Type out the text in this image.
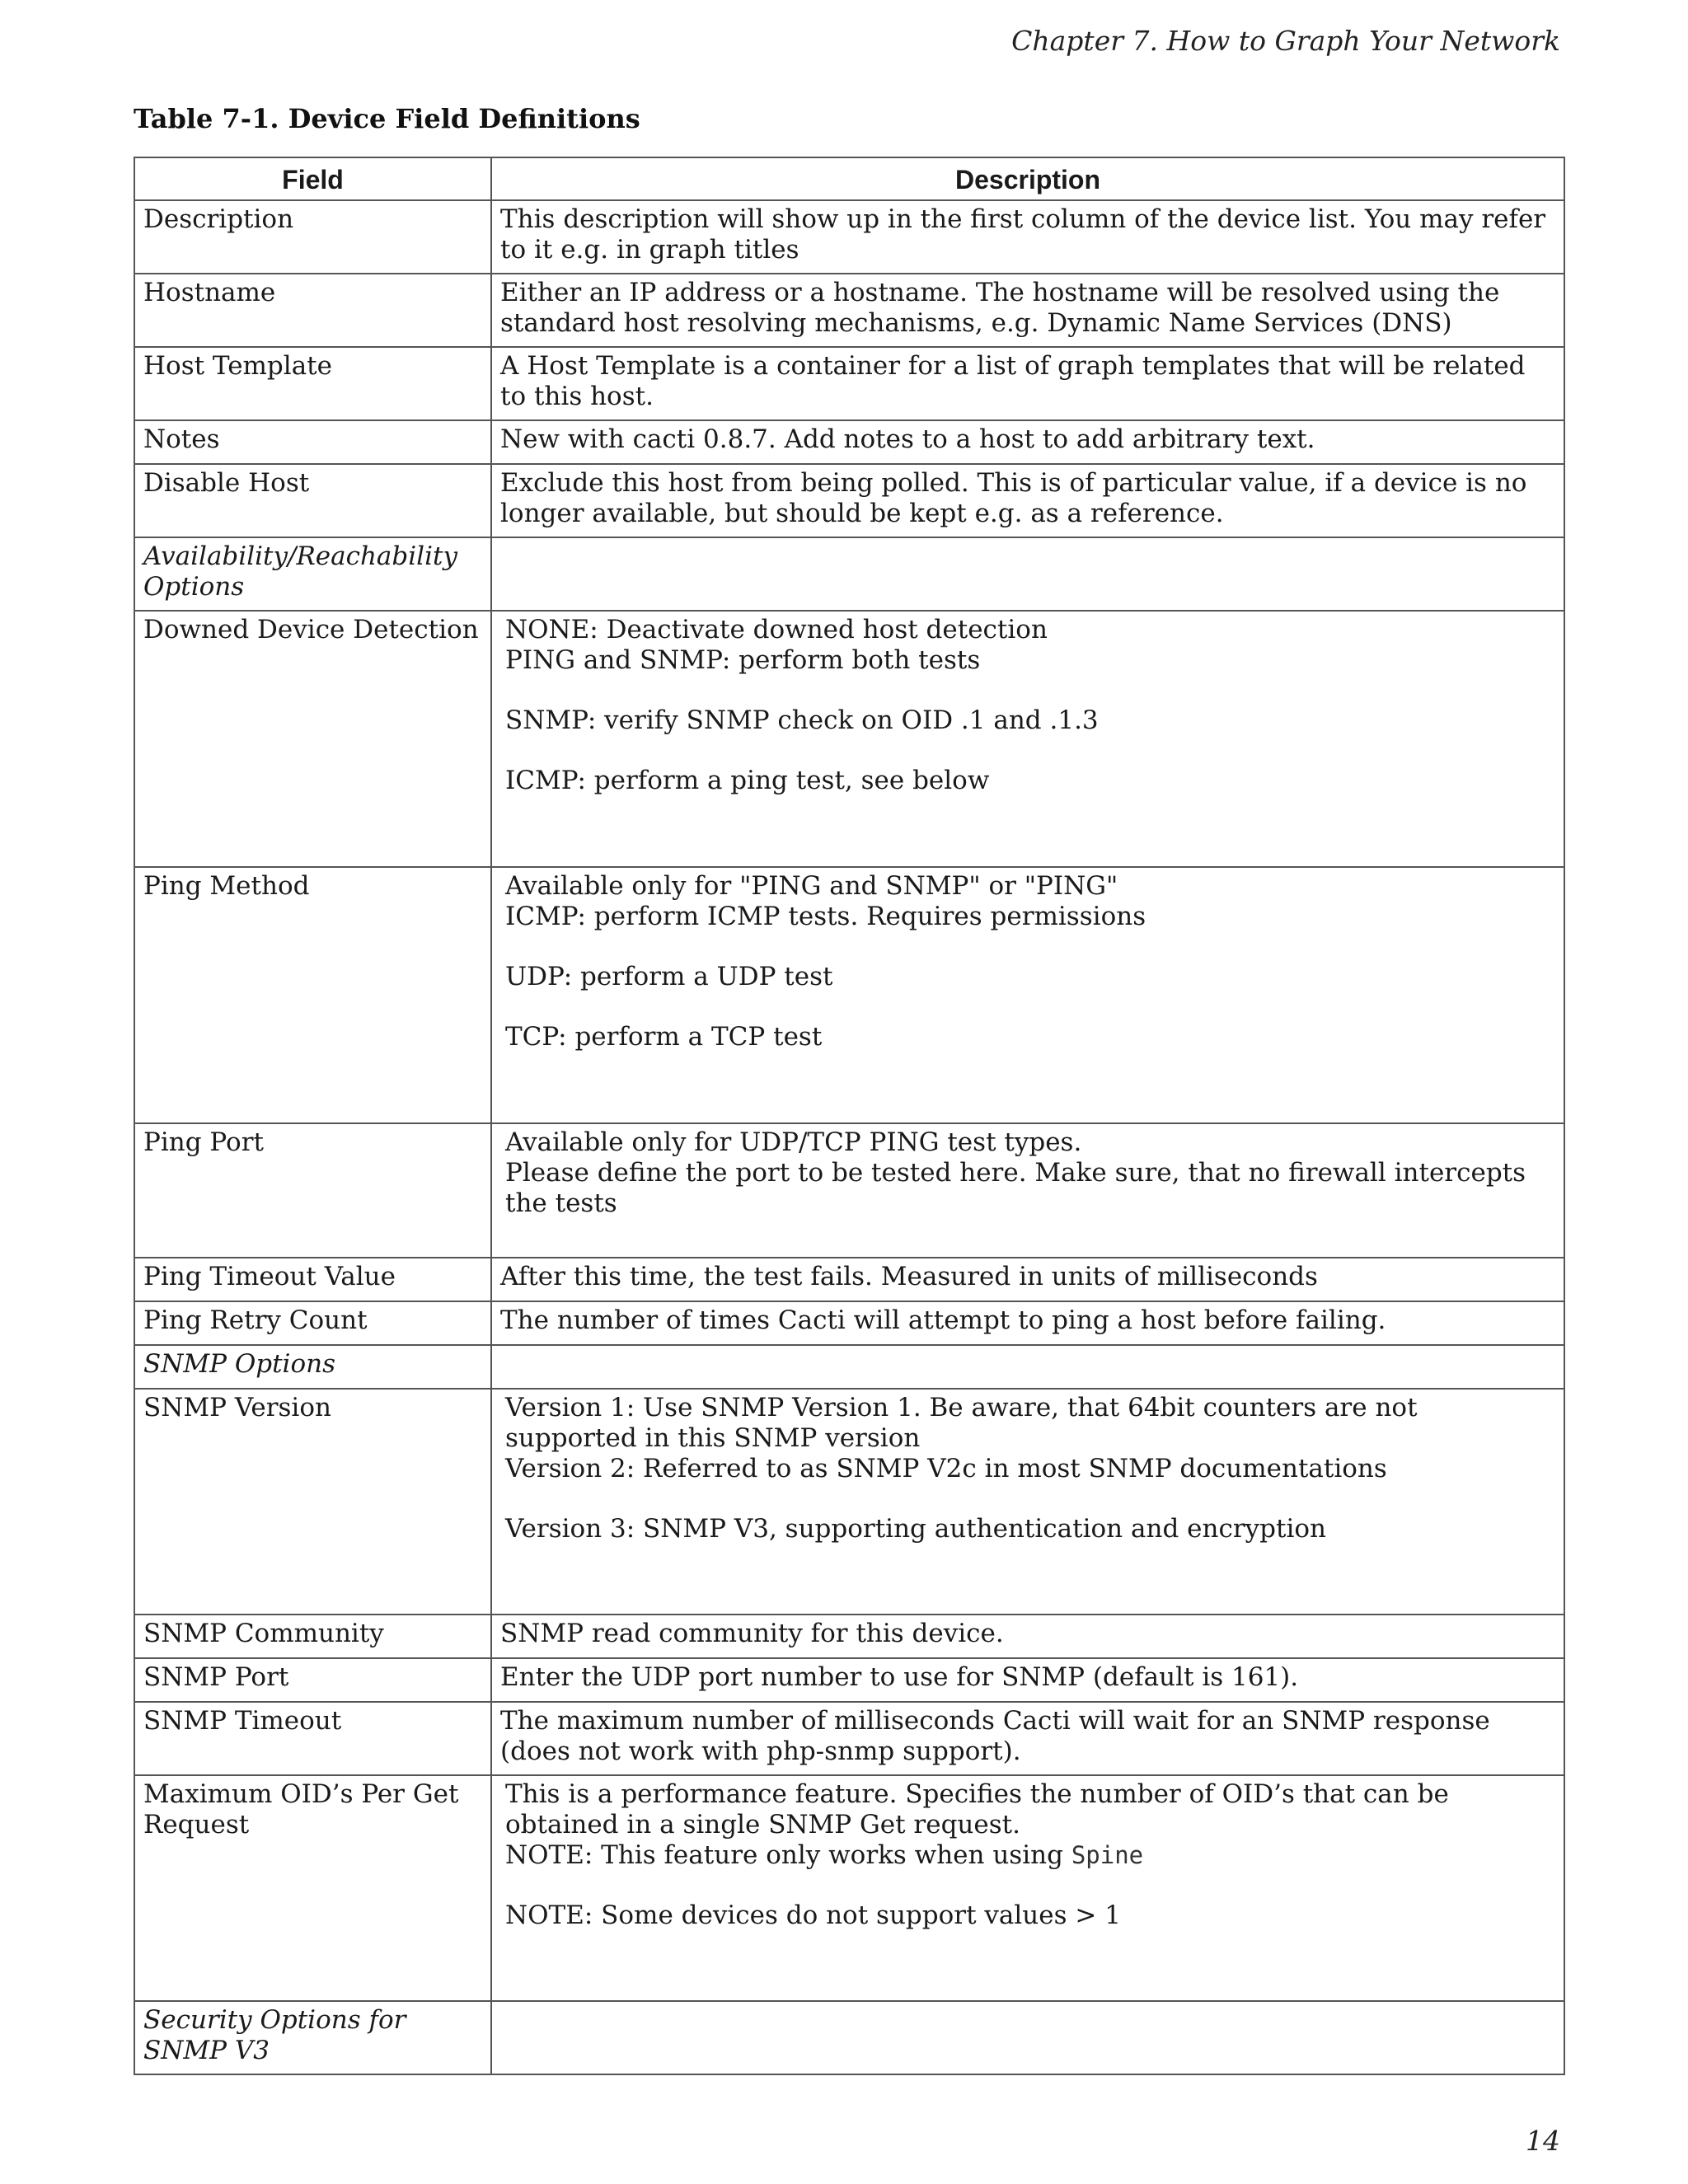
Chapter 7. How to Graph Your Network
Table 7-1. Device Field Definitions
Field	Description
Description	This description will show up in the first column of the device list. You may refer to it e.g. in graph titles
Hostname	Either an IP address or a hostname. The hostname will be resolved using the standard host resolving mechanisms, e.g. Dynamic Name Services (DNS)
Host Template	A Host Template is a container for a list of graph templates that will be related to this host.
Notes	New with cacti 0.8.7. Add notes to a host to add arbitrary text.
Disable Host	Exclude this host from being polled. This is of particular value, if a device is no longer available, but should be kept e.g. as a reference.
Availability/Reachability Options	
Downed Device Detection	NONE: Deactivate downed host detection
PING and SNMP: perform both tests
SNMP: verify SNMP check on OID .1 and .1.3
ICMP: perform a ping test, see below

Ping Method	Available only for "PING and SNMP" or "PING"
ICMP: perform ICMP tests. Requires permissions
UDP: perform a UDP test
TCP: perform a TCP test

Ping Port	Available only for UDP/TCP PING test types.
Please define the port to be tested here. Make sure, that no firewall intercepts the tests

Ping Timeout Value	After this time, the test fails. Measured in units of milliseconds
Ping Retry Count	The number of times Cacti will attempt to ping a host before failing.
SNMP Options	
SNMP Version	Version 1: Use SNMP Version 1. Be aware, that 64bit counters are not supported in this SNMP version
Version 2: Referred to as SNMP V2c in most SNMP documentations
Version 3: SNMP V3, supporting authentication and encryption

SNMP Community	SNMP read community for this device.
SNMP Port	Enter the UDP port number to use for SNMP (default is 161).
SNMP Timeout	The maximum number of milliseconds Cacti will wait for an SNMP response (does not work with php-snmp support).
Maximum OID’s Per Get Request	This is a performance feature. Specifies the number of OID’s that can be obtained in a single SNMP Get request.
NOTE: This feature only works when using Spine
NOTE: Some devices do not support values > 1

Security Options for SNMP V3	
14
